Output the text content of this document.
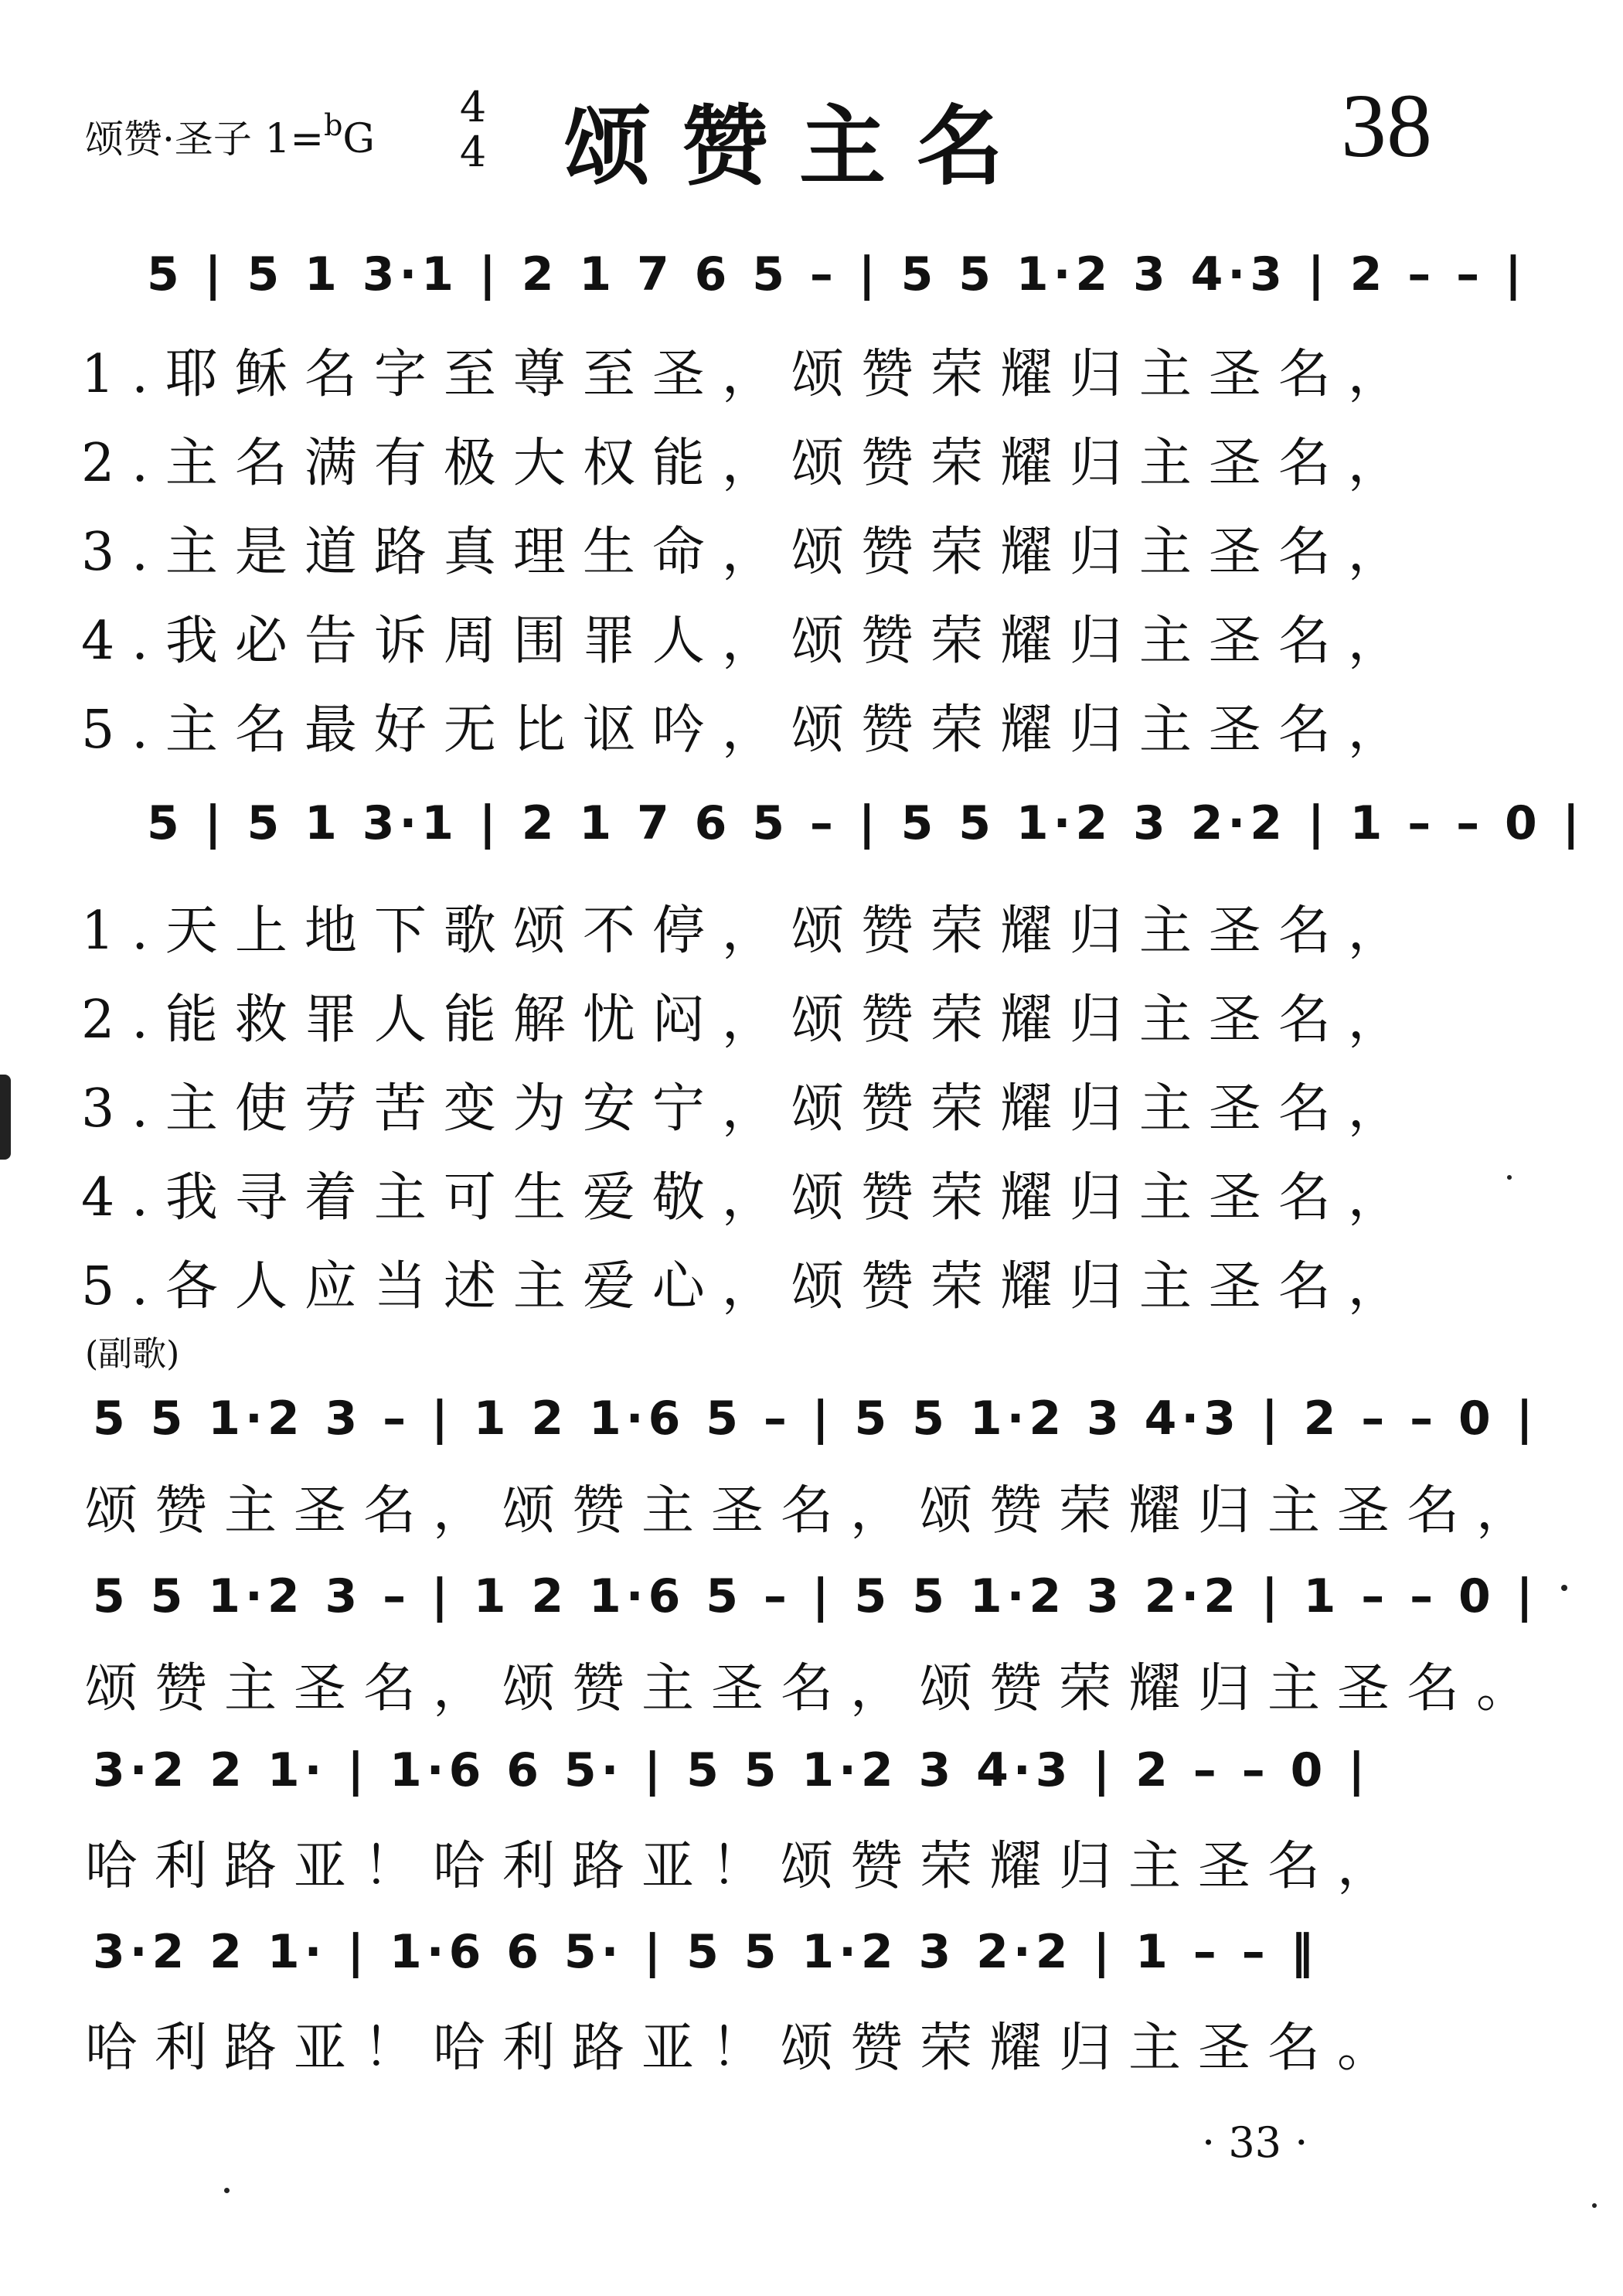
颂赞·圣子 1=$^b$G
4
4 颂赞主名	38
5 | 5 1 3·1 | 2 1 7 6 5 – | 5 5 1·2 3 4·3 | 2 – – |
1.耶稣名字至尊至圣，颂赞荣耀归主圣名，
2.主名满有极大权能，颂赞荣耀归主圣名，
3.主是道路真理生命，颂赞荣耀归主圣名，
4.我必告诉周围罪人，颂赞荣耀归主圣名，
5.主名最好无比讴吟，颂赞荣耀归主圣名，
5 | 5 1 3·1 | 2 1 7 6 5 – | 5 5 1·2 3 2·2 | 1 – – 0 |
1.天上地下歌颂不停，颂赞荣耀归主圣名，
2.能救罪人能解忧闷，颂赞荣耀归主圣名，
3.主使劳苦变为安宁，颂赞荣耀归主圣名，
4.我寻着主可生爱敬，颂赞荣耀归主圣名，
5.各人应当述主爱心，颂赞荣耀归主圣名，
(副歌)
5 5 1·2 3 – | 1 2 1·6 5 – | 5 5 1·2 3 4·3 | 2 – – 0 |
颂赞主圣名，颂赞主圣名，颂赞荣耀归主圣名，
5 5 1·2 3 – | 1 2 1·6 5 – | 5 5 1·2 3 2·2 | 1 – – 0 |
颂赞主圣名，颂赞主圣名，颂赞荣耀归主圣名。
3·2 2 1· | 1·6 6 5· | 5 5 1·2 3 4·3 | 2 – – 0 |
哈利路亚！哈利路亚！颂赞荣耀归主圣名，
3·2 2 1· | 1·6 6 5· | 5 5 1·2 3 2·2 | 1 – – ‖
哈利路亚！哈利路亚！颂赞荣耀归主圣名。
· 33 ·
